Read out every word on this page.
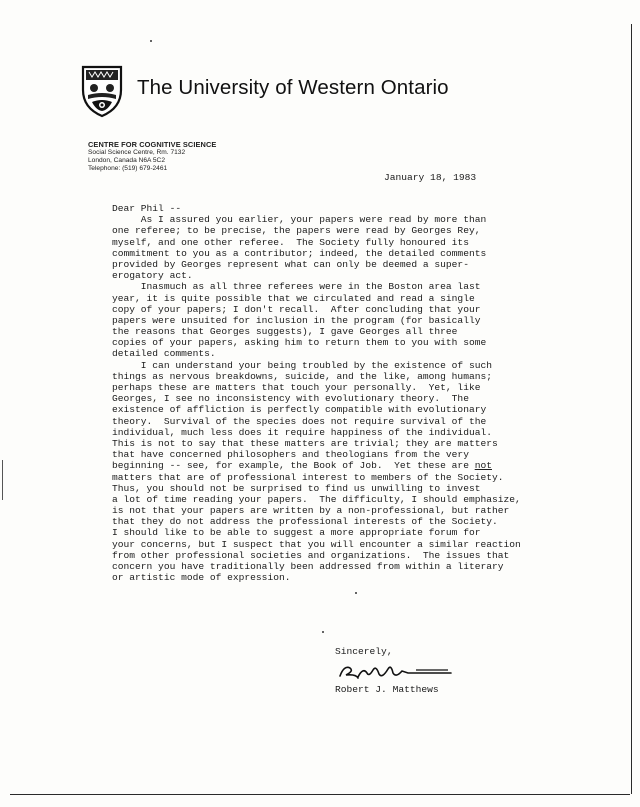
The University of Western Ontario
CENTRE FOR COGNITIVE SCIENCE
Social Science Centre, Rm. 7132
London, Canada N6A 5C2
Telephone: (519) 679-2461
January 18, 1983
Dear Phil --
As I assured you earlier, your papers were read by more than
one referee; to be precise, the papers were read by Georges Rey,
myself, and one other referee.  The Society fully honoured its
commitment to you as a contributor; indeed, the detailed comments
provided by Georges represent what can only be deemed a super-
erogatory act.
Inasmuch as all three referees were in the Boston area last
year, it is quite possible that we circulated and read a single
copy of your papers; I don't recall.  After concluding that your
papers were unsuited for inclusion in the program (for basically
the reasons that Georges suggests), I gave Georges all three
copies of your papers, asking him to return them to you with some
detailed comments.
I can understand your being troubled by the existence of such
things as nervous breakdowns, suicide, and the like, among humans;
perhaps these are matters that touch your personally.  Yet, like
Georges, I see no inconsistency with evolutionary theory.  The
existence of affliction is perfectly compatible with evolutionary
theory.  Survival of the species does not require survival of the
individual, much less does it require happiness of the individual.
This is not to say that these matters are trivial; they are matters
that have concerned philosophers and theologians from the very
beginning -- see, for example, the Book of Job.  Yet these are not
matters that are of professional interest to members of the Society.
Thus, you should not be surprised to find us unwilling to invest
a lot of time reading your papers.  The difficulty, I should emphasize,
is not that your papers are written by a non-professional, but rather
that they do not address the professional interests of the Society.
I should like to be able to suggest a more appropriate forum for
your concerns, but I suspect that you will encounter a similar reaction
from other professional societies and organizations.  The issues that
concern you have traditionally been addressed from within a literary
or artistic mode of expression.
Sincerely,
Robert J. Matthews
